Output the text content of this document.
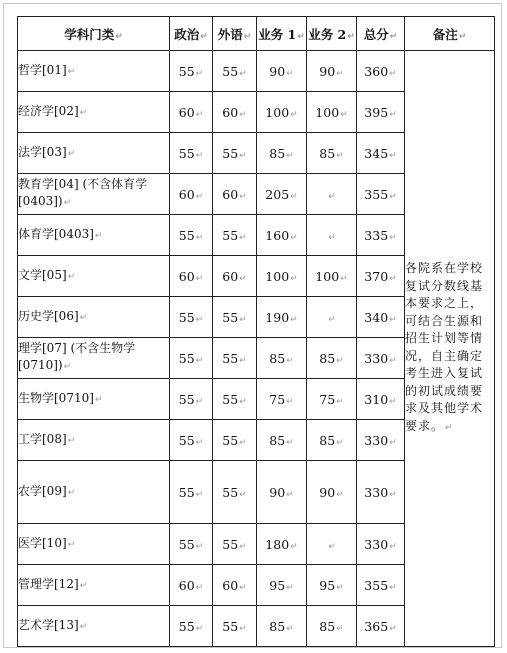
学科门类↵	政治↵	外语↵	业务 1↵	业务 2↵	总分↵	备注↵
哲学[01]↵	55↵	55↵	90↵	90↵	360↵	各院系在学校复试分数线基本要求之上，可结合生源和招生计划等情况，自主确定考生进入复试的初试成绩要求及其他学术要求。↵
经济学[02]↵	60↵	60↵	100↵	100↵	395↵	
法学[03]↵	55↵	55↵	85↵	85↵	345↵	
教育学[04] (不含体育学[0403])↵	60↵	60↵	205↵	↵	355↵	
体育学[0403]↵	55↵	55↵	160↵	↵	335↵	
文学[05]↵	60↵	60↵	100↵	100↵	370↵	
历史学[06]↵	55↵	55↵	190↵	↵	340↵	
理学[07] (不含生物学[0710])↵	55↵	55↵	85↵	85↵	330↵	
生物学[0710]↵	55↵	55↵	75↵	75↵	310↵	
工学[08]↵	55↵	55↵	85↵	85↵	330↵	
农学[09]↵	55↵	55↵	90↵	90↵	330↵	
医学[10]↵	55↵	55↵	180↵	↵	330↵	
管理学[12]↵	60↵	60↵	95↵	95↵	355↵	
艺术学[13]↵	55↵	55↵	85↵	85↵	365↵	
